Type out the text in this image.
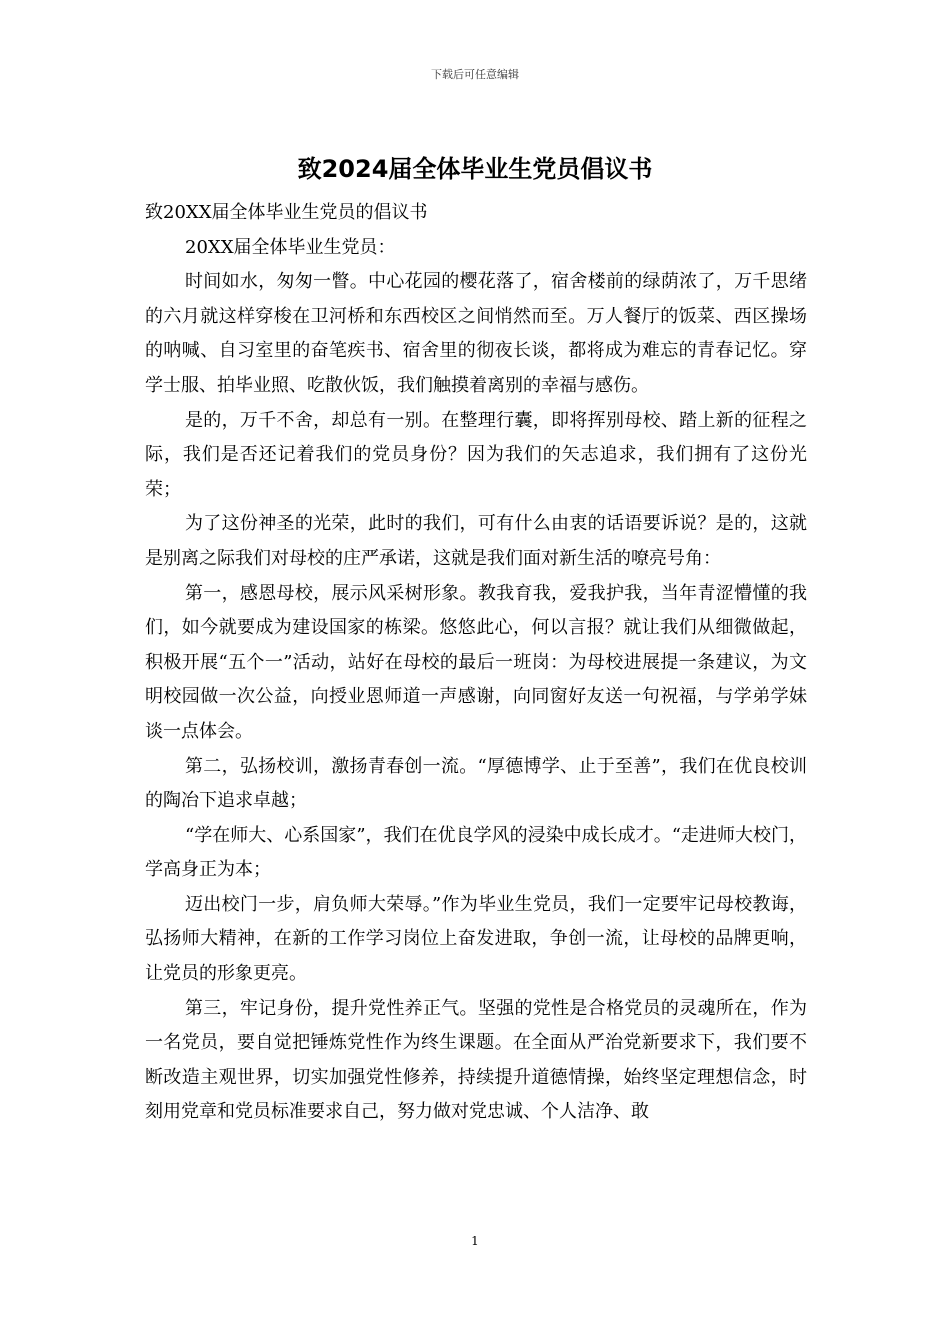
下载后可任意编辑
致2024届全体毕业生党员倡议书

致20XX届全体毕业生党员的倡议书

20XX届全体毕业生党员：

时间如水，匆匆一瞥。中心花园的樱花落了，宿舍楼前的绿荫浓了，万千思绪的六月就这样穿梭在卫河桥和东西校区之间悄然而至。万人餐厅的饭菜、西区操场的呐喊、自习室里的奋笔疾书、宿舍里的彻夜长谈，都将成为难忘的青春记忆。穿学士服、拍毕业照、吃散伙饭，我们触摸着离别的幸福与感伤。

是的，万千不舍，却总有一别。在整理行囊，即将挥别母校、踏上新的征程之际，我们是否还记着我们的党员身份？因为我们的矢志追求，我们拥有了这份光荣；

为了这份神圣的光荣，此时的我们，可有什么由衷的话语要诉说？是的，这就是别离之际我们对母校的庄严承诺，这就是我们面对新生活的嘹亮号角：

第一，感恩母校，展示风采树形象。教我育我，爱我护我，当年青涩懵懂的我们，如今就要成为建设国家的栋梁。悠悠此心，何以言报？就让我们从细微做起，积极开展“五个一”活动，站好在母校的最后一班岗：为母校进展提一条建议，为文明校园做一次公益，向授业恩师道一声感谢，向同窗好友送一句祝福，与学弟学妹谈一点体会。

第二，弘扬校训，激扬青春创一流。“厚德博学、止于至善”，我们在优良校训的陶冶下追求卓越；

“学在师大、心系国家”，我们在优良学风的浸染中成长成才。“走进师大校门，学高身正为本；

迈出校门一步，肩负师大荣辱。”作为毕业生党员，我们一定要牢记母校教诲，弘扬师大精神，在新的工作学习岗位上奋发进取，争创一流，让母校的品牌更响，让党员的形象更亮。

第三，牢记身份，提升党性养正气。坚强的党性是合格党员的灵魂所在，作为一名党员，要自觉把锤炼党性作为终生课题。在全面从严治党新要求下，我们要不断改造主观世界，切实加强党性修养，持续提升道德情操，始终坚定理想信念，时刻用党章和党员标准要求自己，努力做对党忠诚、个人洁净、敢

1
